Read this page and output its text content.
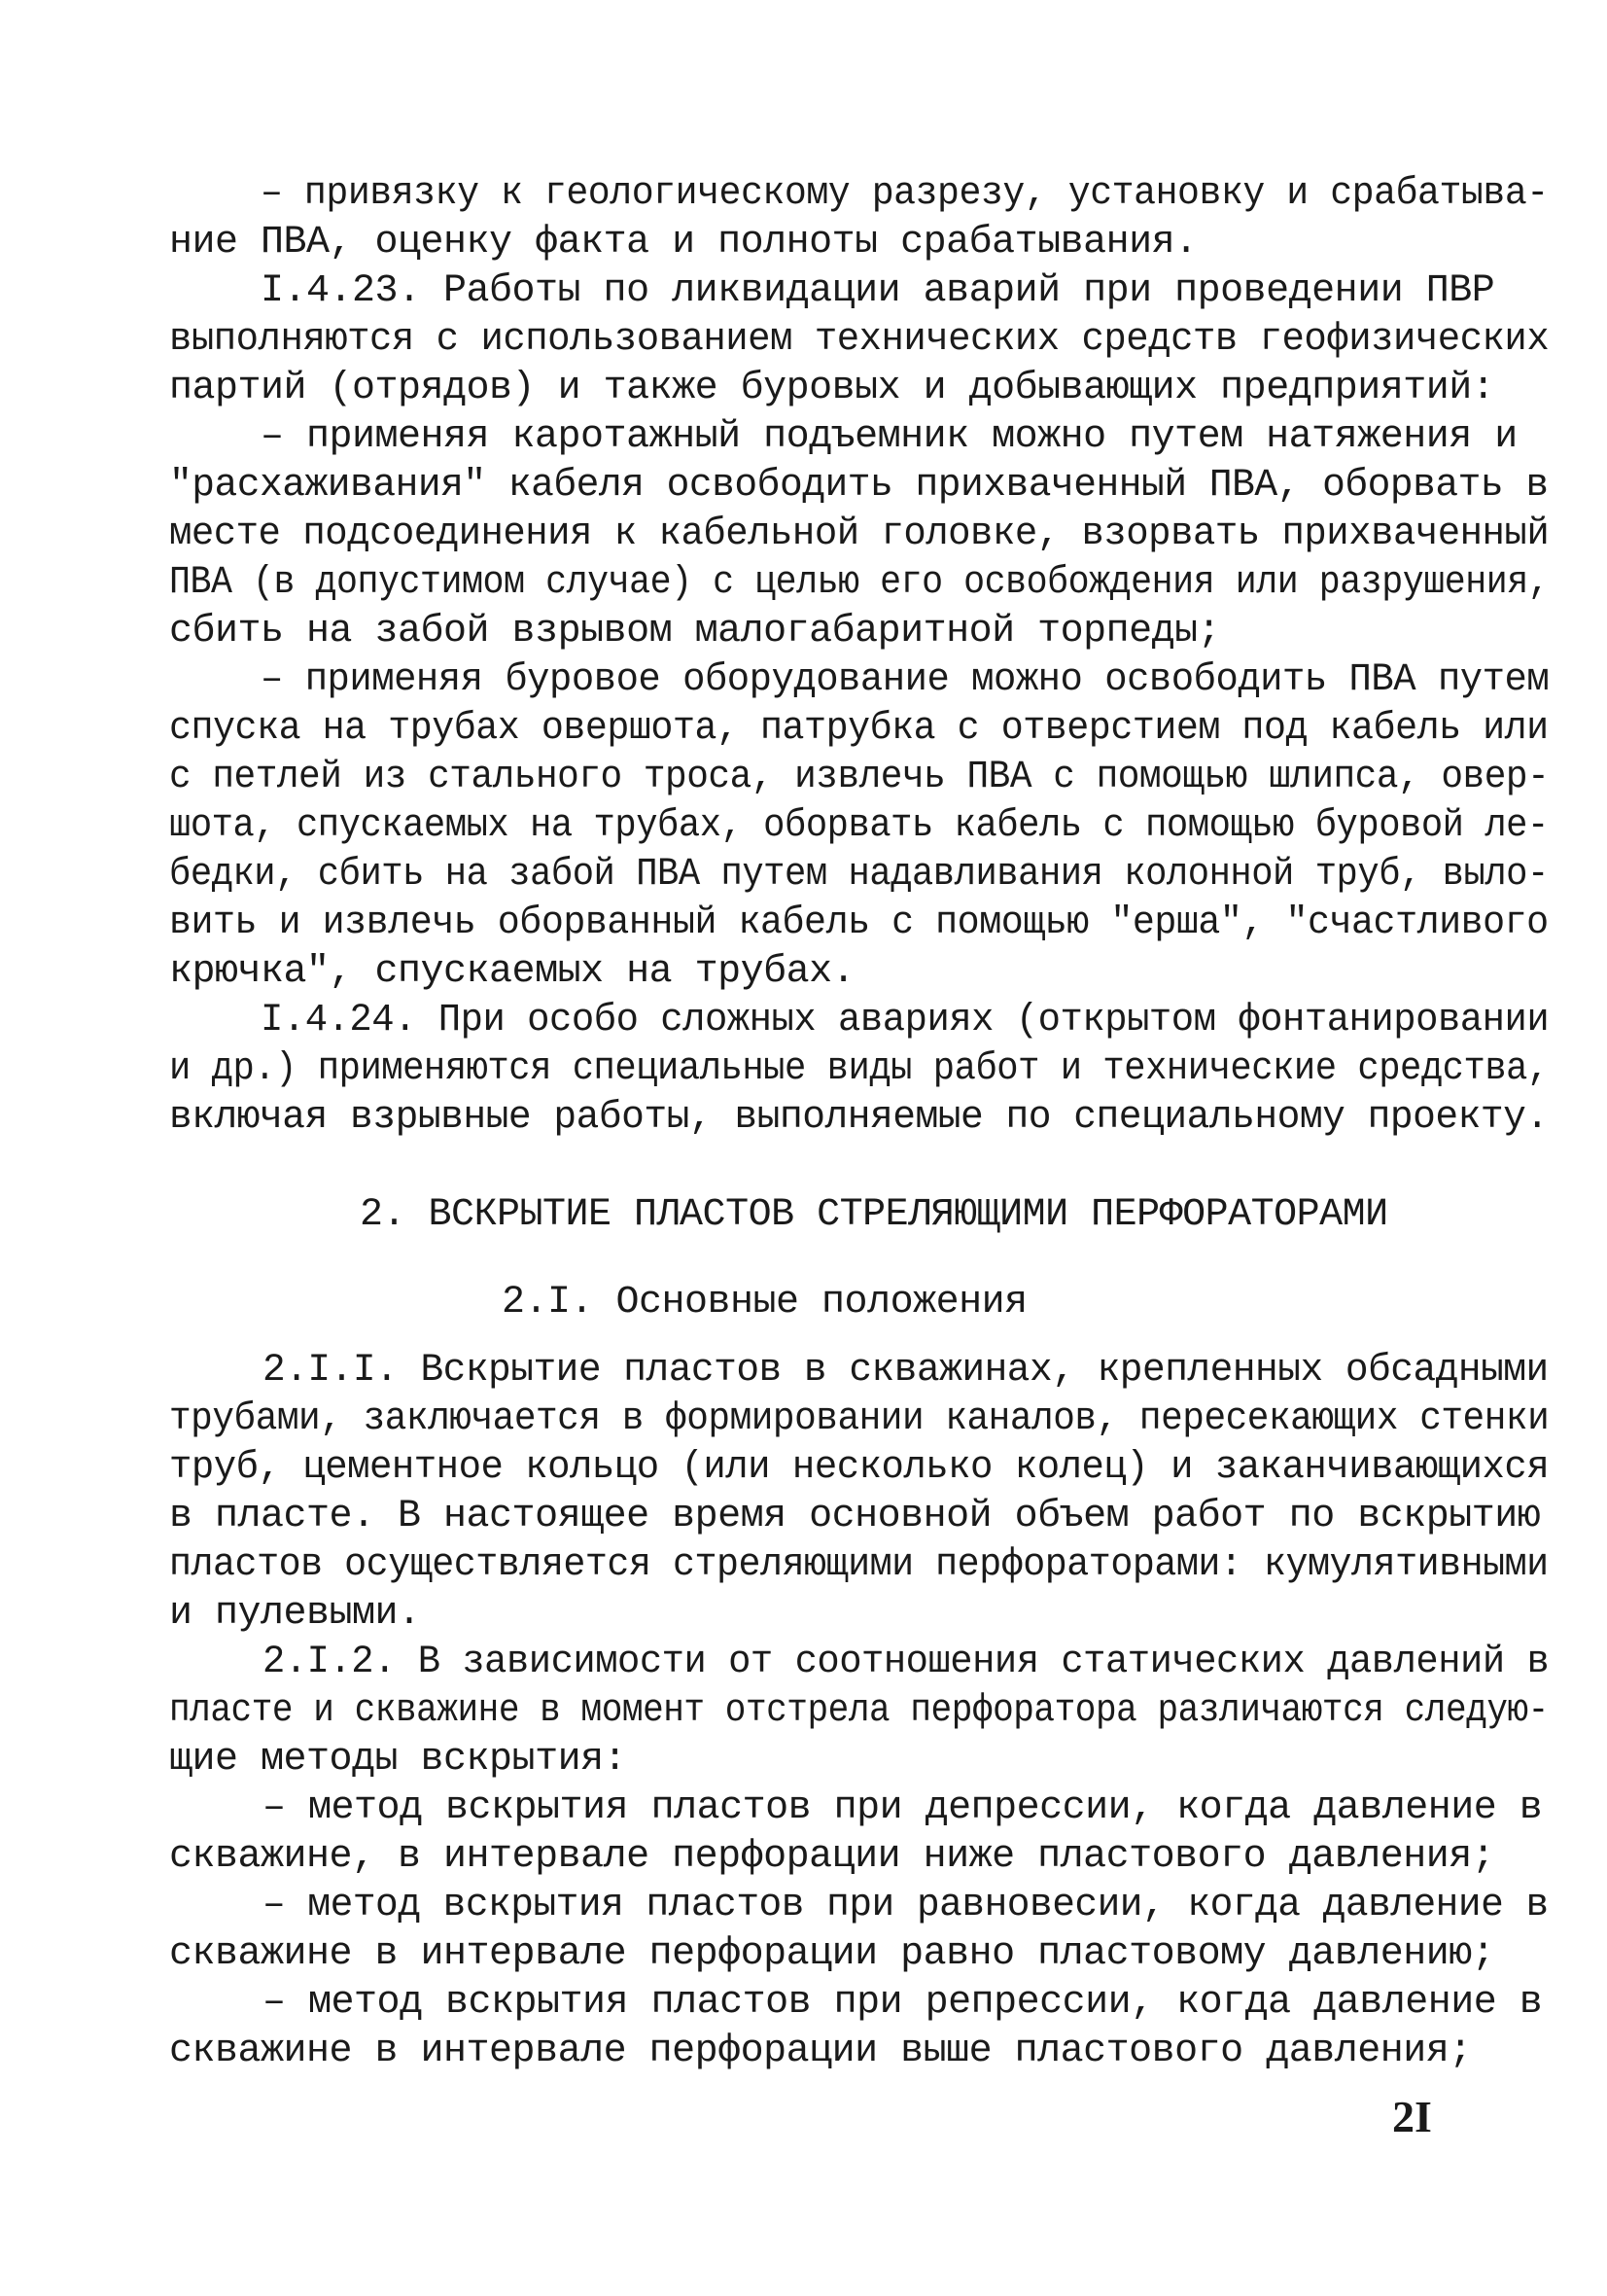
– привязку к геологическому разрезу, установку и срабатыва-
ние ПВА, оценку факта и полноты срабатывания.
I.4.23. Работы по ликвидации аварий при проведении ПВР
выполняются с использованием технических средств геофизических
партий (отрядов) и также буровых и добывающих предприятий:
– применяя каротажный подъемник можно путем натяжения и
"расхаживания" кабеля освободить прихваченный ПВА, оборвать в
месте подсоединения к кабельной головке, взорвать прихваченный
ПВА (в допустимом случае) с целью его освобождения или разрушения,
сбить на забой взрывом малогабаритной торпеды;
– применяя буровое оборудование можно освободить ПВА путем
спуска на трубах овершота, патрубка с отверстием под кабель или
с петлей из стального троса, извлечь ПВА с помощью шлипса, овер-
шота, спускаемых на трубах, оборвать кабель с помощью буровой ле-
бедки, сбить на забой ПВА путем надавливания колонной труб, выло-
вить и извлечь оборванный кабель с помощью "ерша", "счастливого
крючка", спускаемых на трубах.
I.4.24. При особо сложных авариях (открытом фонтанировании
и др.) применяются специальные виды работ и технические средства,
включая взрывные работы, выполняемые по специальному проекту.
2. ВСКРЫТИЕ ПЛАСТОВ СТРЕЛЯЮЩИМИ ПЕРФОРАТОРАМИ
2.I. Основные положения
2.I.I. Вскрытие пластов в скважинах, крепленных обсадными
трубами, заключается в формировании каналов, пересекающих стенки
труб, цементное кольцо (или несколько колец) и заканчивающихся
в пласте. В настоящее время основной объем работ по вскрытию
пластов осуществляется стреляющими перфораторами: кумулятивными
и пулевыми.
2.I.2. В зависимости от соотношения статических давлений в
пласте и скважине в момент отстрела перфоратора различаются следую-
щие методы вскрытия:
– метод вскрытия пластов при депрессии, когда давление в
скважине, в интервале перфорации ниже пластового давления;
– метод вскрытия пластов при равновесии, когда давление в
скважине в интервале перфорации равно пластовому давлению;
– метод вскрытия пластов при репрессии, когда давление в
скважине в интервале перфорации выше пластового давления;
2I
